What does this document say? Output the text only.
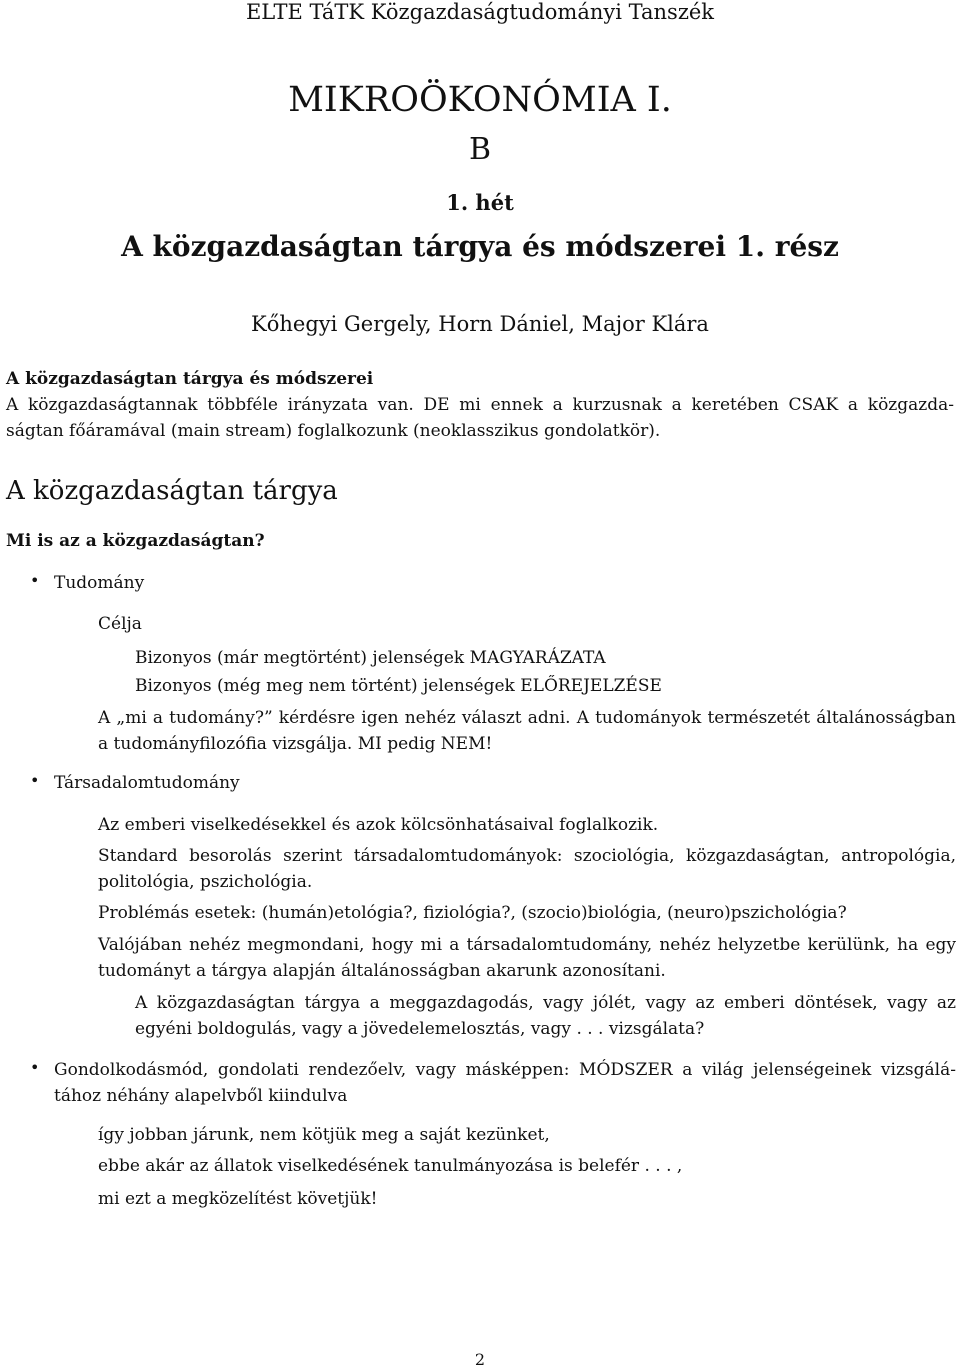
ELTE TáTK Közgazdaságtudományi Tanszék
MIKROÖKONÓMIA I.
B
1. hét
A közgazdaságtan tárgya és módszerei 1. rész
Kőhegyi Gergely, Horn Dániel, Major Klára
A közgazdaságtan tárgya és módszerei
A közgazdaságtannak többféle irányzata van. DE mi ennek a kurzusnak a keretében CSAK a közgazda-
ságtan főáramával (main stream) foglalkozunk (neoklasszikus gondolatkör).
A közgazdaságtan tárgya
Mi is az a közgazdaságtan?
• Tudomány
Célja
Bizonyos (már megtörtént) jelenségek MAGYARÁZATA
Bizonyos (még meg nem történt) jelenségek ELŐREJELZÉSE
A „mi a tudomány?” kérdésre igen nehéz választ adni. A tudományok természetét általánosságban
a tudományfilozófia vizsgálja. MI pedig NEM!
• Társadalomtudomány
Az emberi viselkedésekkel és azok kölcsönhatásaival foglalkozik.
Standard besorolás szerint társadalomtudományok: szociológia, közgazdaságtan, antropológia,
politológia, pszichológia.
Problémás esetek: (humán)etológia?, fiziológia?, (szocio)biológia, (neuro)pszichológia?
Valójában nehéz megmondani, hogy mi a társadalomtudomány, nehéz helyzetbe kerülünk, ha egy
tudományt a tárgya alapján általánosságban akarunk azonosítani.
A közgazdaságtan tárgya a meggazdagodás, vagy jólét, vagy az emberi döntések, vagy az
egyéni boldogulás, vagy a jövedelemelosztás, vagy . . . vizsgálata?
• Gondolkodásmód, gondolati rendezőelv, vagy másképpen: MÓDSZER a világ jelenségeinek vizsgálá-
tához néhány alapelvből kiindulva
így jobban járunk, nem kötjük meg a saját kezünket,
ebbe akár az állatok viselkedésének tanulmányozása is belefér . . . ,
mi ezt a megközelítést követjük!
2
